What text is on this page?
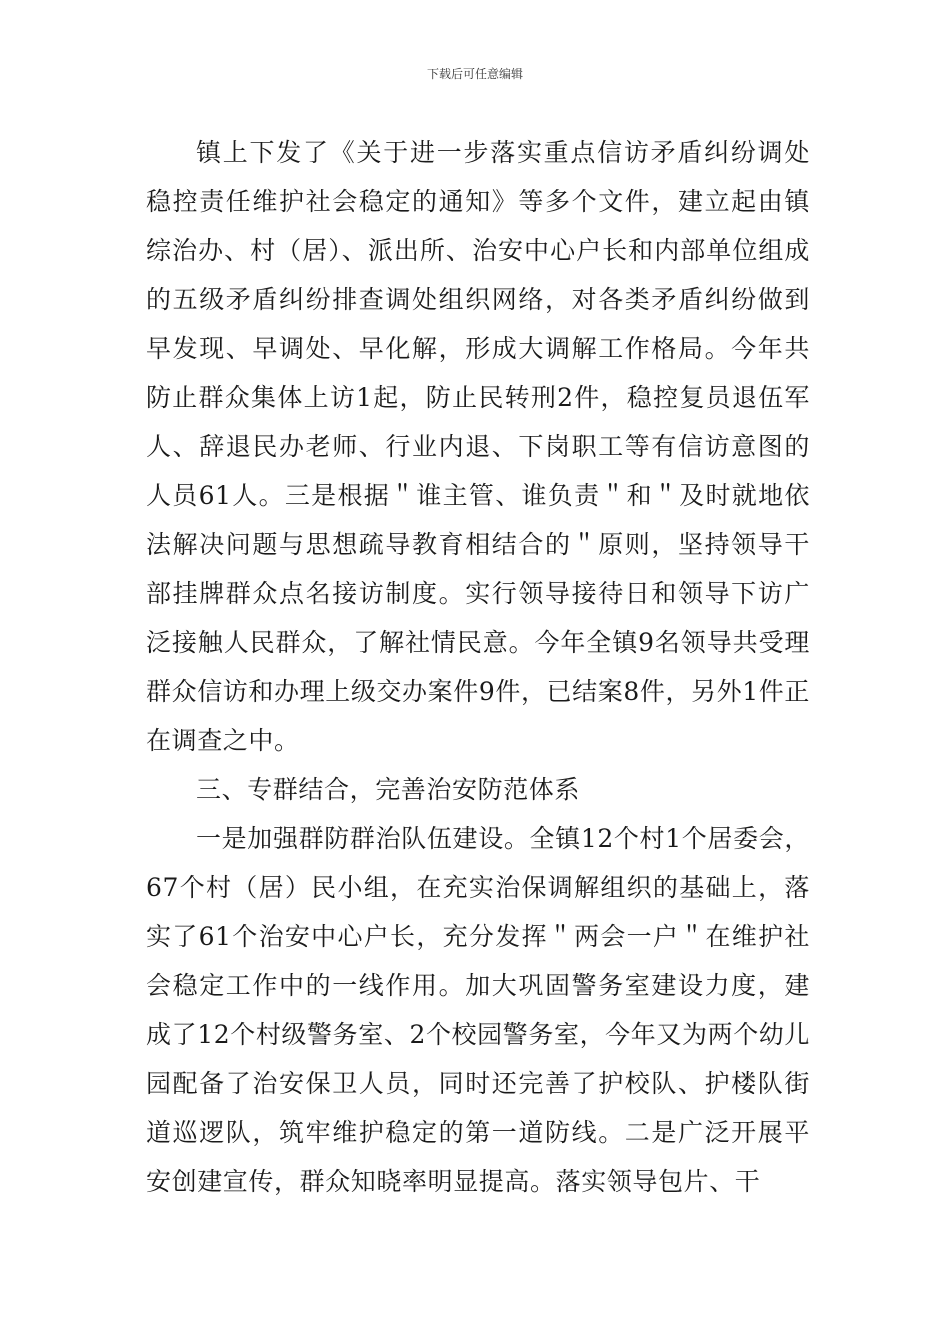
下载后可任意编辑

镇上下发了《关于进一步落实重点信访矛盾纠纷调处稳控责任维护社会稳定的通知》等多个文件，建立起由镇综治办、村（居）、派出所、治安中心户长和内部单位组成的五级矛盾纠纷排查调处组织网络，对各类矛盾纠纷做到早发现、早调处、早化解，形成大调解工作格局。今年共防止群众集体上访1起，防止民转刑2件，稳控复员退伍军人、辞退民办老师、行业内退、下岗职工等有信访意图的人员61人。三是根据＂谁主管、谁负责＂和＂及时就地依法解决问题与思想疏导教育相结合的＂原则，坚持领导干部挂牌群众点名接访制度。实行领导接待日和领导下访广泛接触人民群众，了解社情民意。今年全镇9名领导共受理群众信访和办理上级交办案件9件，已结案8件，另外1件正在调查之中。

三、专群结合，完善治安防范体系

一是加强群防群治队伍建设。全镇12个村1个居委会，67个村（居）民小组，在充实治保调解组织的基础上，落实了61个治安中心户长，充分发挥＂两会一户＂在维护社会稳定工作中的一线作用。加大巩固警务室建设力度，建成了12个村级警务室、2个校园警务室，今年又为两个幼儿园配备了治安保卫人员，同时还完善了护校队、护楼队街道巡逻队，筑牢维护稳定的第一道防线。二是广泛开展平安创建宣传，群众知晓率明显提高。落实领导包片、干
